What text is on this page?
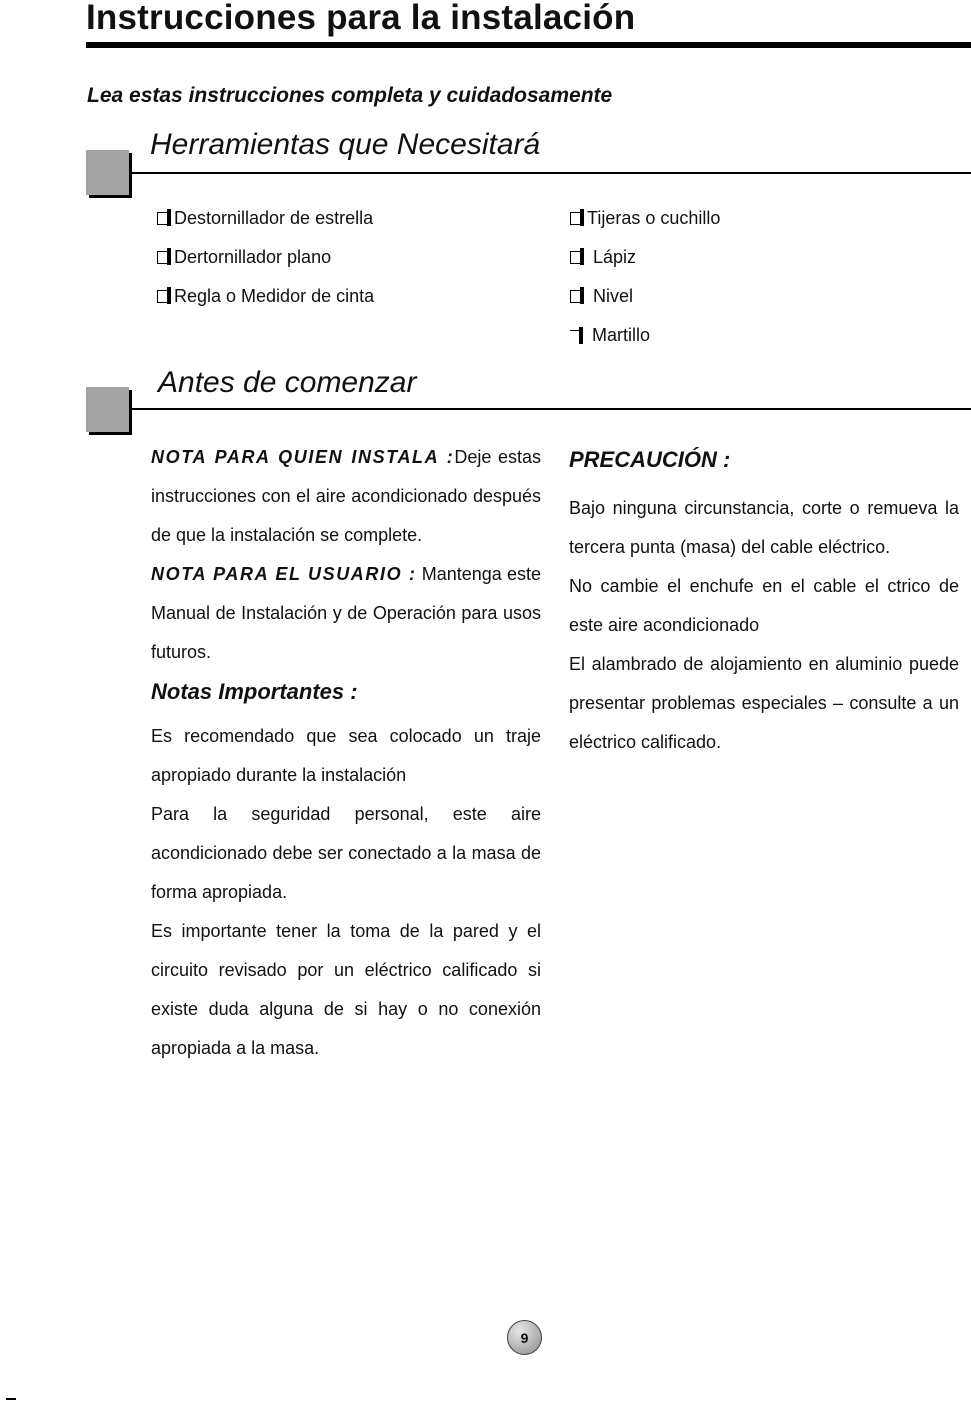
Instrucciones para la instalación

Lea estas instrucciones completa y cuidadosamente

Herramientas que Necesitará
Destornillador de estrella
Dertornillador plano
Regla o Medidor de cinta
Tijeras o cuchillo
Lápiz
Nivel
Martillo
Antes de comenzar

NOTA PARA QUIEN INSTALA :Deje estas

instrucciones con el aire acondicionado después

de que la instalación se complete.

NOTA PARA EL USUARIO : Mantenga este

Manual de Instalación y de Operación para usos

futuros.

Notas Importantes :

Es recomendado que sea colocado un traje

apropiado durante la instalación

Para la seguridad personal, este aire

acondicionado debe ser conectado a la masa de

forma apropiada.

Es importante tener la toma de la pared y el

circuito revisado por un eléctrico calificado si

existe duda alguna de si hay o no conexión

apropiada a la masa.

PRECAUCIÓN :

Bajo ninguna circunstancia, corte o remueva la

tercera punta (masa) del cable eléctrico.

No cambie el enchufe en el cable el ctrico de

este aire acondicionado

El alambrado de alojamiento en aluminio puede

presentar problemas especiales – consulte a un

eléctrico calificado.

9
